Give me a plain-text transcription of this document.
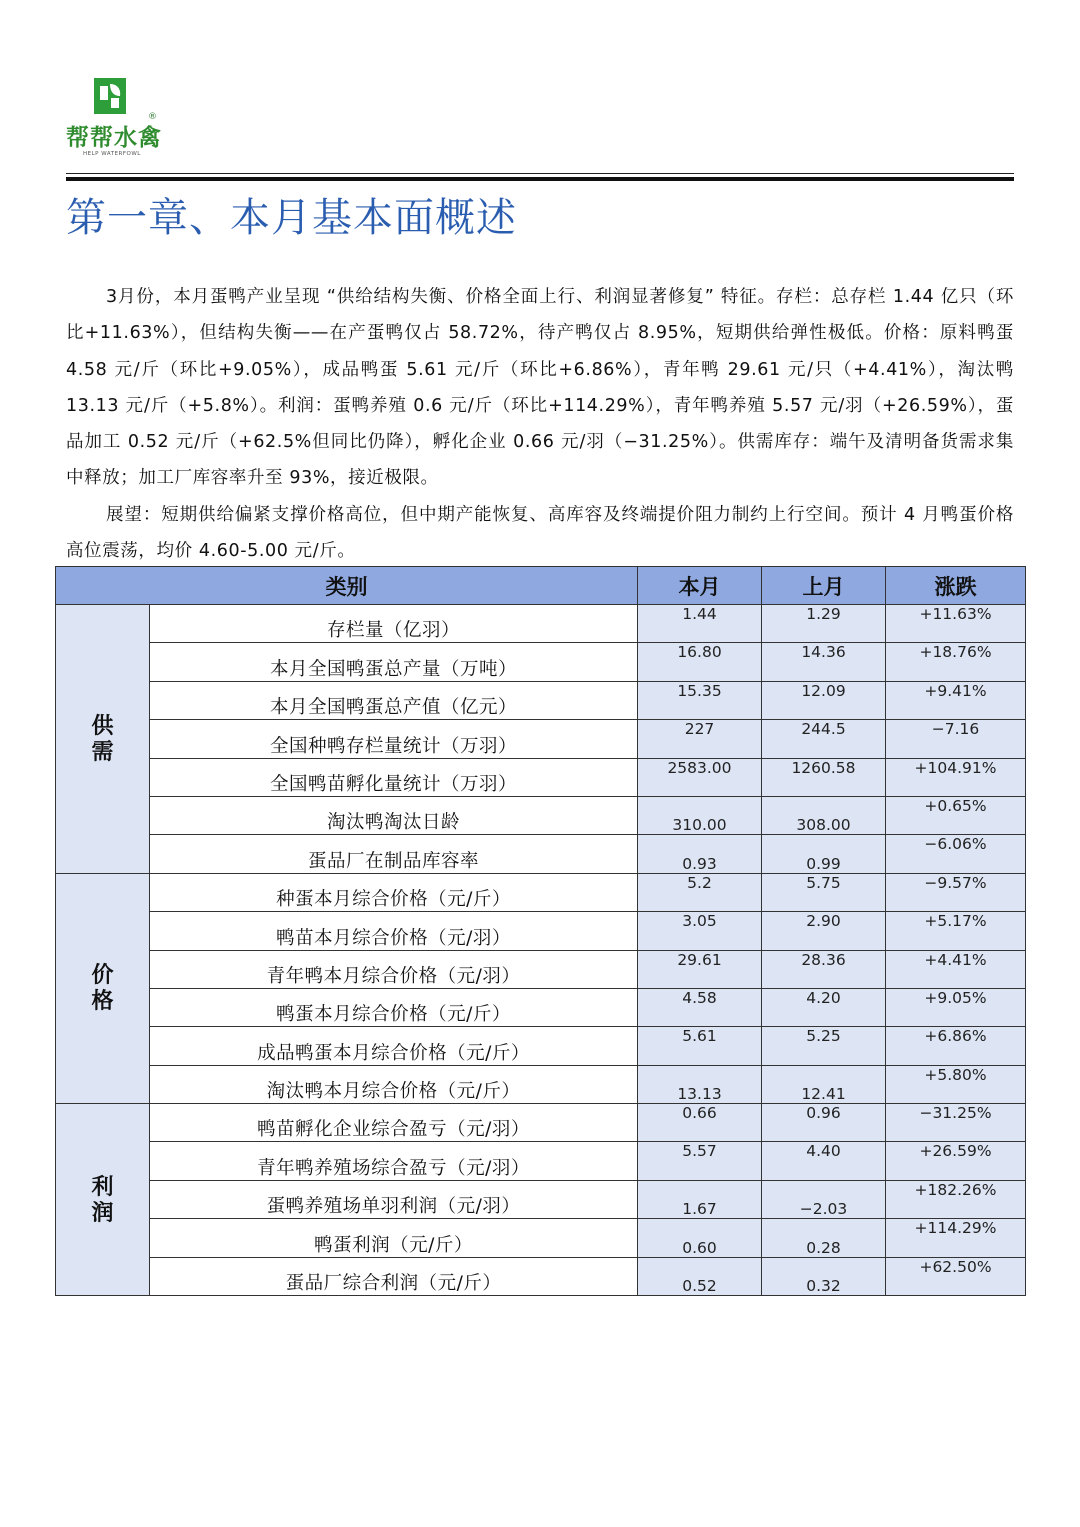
®
帮帮水禽
HELP WATERFOWL
第一章、本月基本面概述

3月份，本月蛋鸭产业呈现 “供给结构失衡、价格全面上行、利润显著修复” 特征。存栏：总存栏 1.44 亿只（环比+11.63%），但结构失衡——在产蛋鸭仅占 58.72%，待产鸭仅占 8.95%，短期供给弹性极低。价格：原料鸭蛋 4.58 元/斤（环比+9.05%），成品鸭蛋 5.61 元/斤（环比+6.86%），青年鸭 29.61 元/只（+4.41%），淘汰鸭 13.13 元/斤（+5.8%）。利润：蛋鸭养殖 0.6 元/斤（环比+114.29%），青年鸭养殖 5.57 元/羽（+26.59%），蛋品加工 0.52 元/斤（+62.5%但同比仍降），孵化企业 0.66 元/羽（−31.25%）。供需库存：端午及清明备货需求集中释放；加工厂库容率升至 93%，接近极限。

展望：短期供给偏紧支撑价格高位，但中期产能恢复、高库容及终端提价阻力制约上行空间。预计 4 月鸭蛋价格高位震荡，均价 4.60-5.00 元/斤。

类别		本月	上月	涨跌
供需	存栏量（亿羽）	1.44	1.29	+11.63%
	本月全国鸭蛋总产量（万吨）	16.80	14.36	+18.76%
	本月全国鸭蛋总产值（亿元）	15.35	12.09	+9.41%
	全国种鸭存栏量统计（万羽）	227	244.5	−7.16
	全国鸭苗孵化量统计（万羽）	2583.00	1260.58	+104.91%
	淘汰鸭淘汰日龄	310.00	308.00	+0.65%
	蛋品厂在制品库容率	0.93	0.99	−6.06%
价格	种蛋本月综合价格（元/斤）	5.2	5.75	−9.57%
	鸭苗本月综合价格（元/羽）	3.05	2.90	+5.17%
	青年鸭本月综合价格（元/羽）	29.61	28.36	+4.41%
	鸭蛋本月综合价格（元/斤）	4.58	4.20	+9.05%
	成品鸭蛋本月综合价格（元/斤）	5.61	5.25	+6.86%
	淘汰鸭本月综合价格（元/斤）	13.13	12.41	+5.80%
利润	鸭苗孵化企业综合盈亏（元/羽）	0.66	0.96	−31.25%
	青年鸭养殖场综合盈亏（元/羽）	5.57	4.40	+26.59%
	蛋鸭养殖场单羽利润（元/羽）	1.67	−2.03	+182.26%
	鸭蛋利润（元/斤）	0.60	0.28	+114.29%
	蛋品厂综合利润（元/斤）	0.52	0.32	+62.50%
